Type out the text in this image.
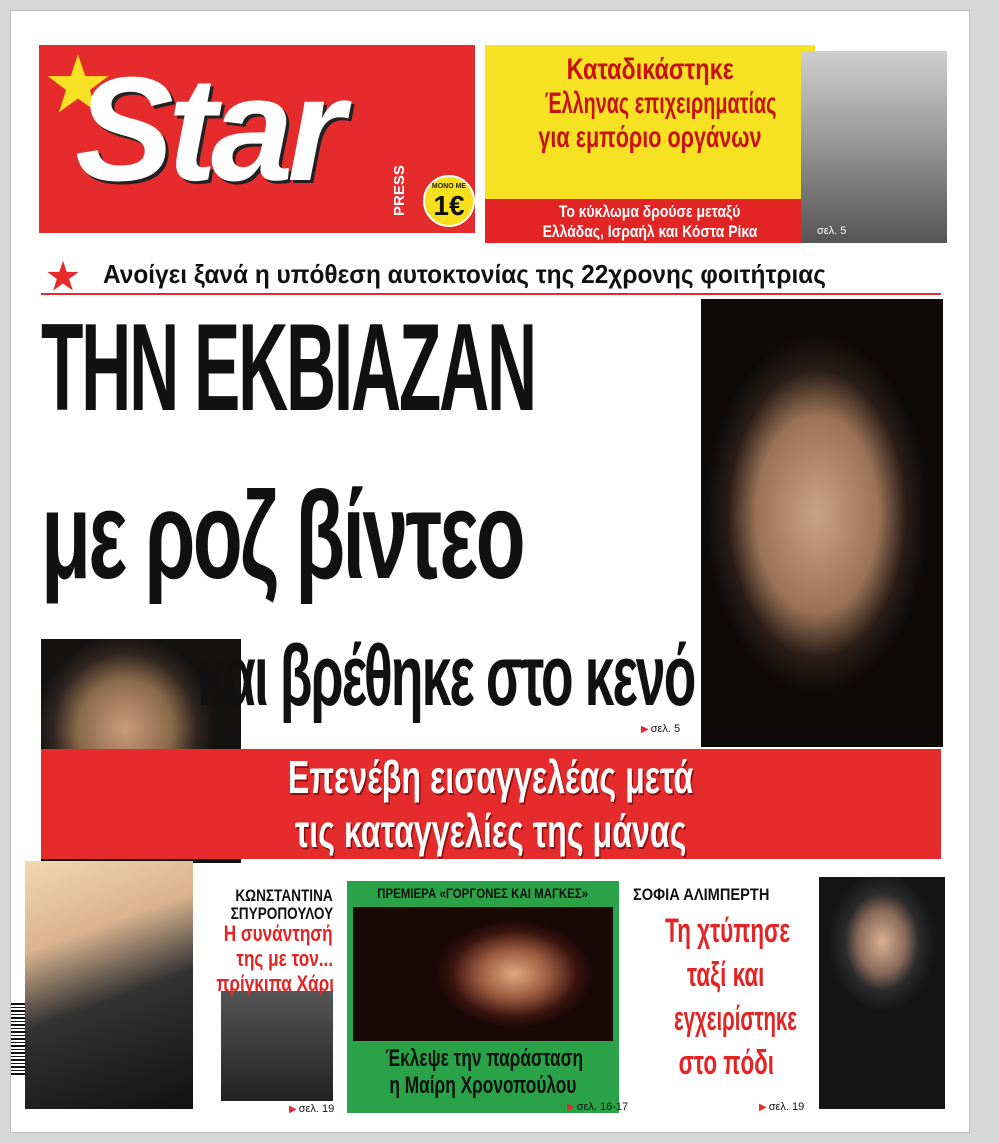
Star	PRESS
■ Τετάρτη 6 Δεκεμβρίου 2017 ■ Αρ. Φύλλου 1.012
ΜΟΝΟ ΜΕ
1€
Καταδικάστηκε
Έλληνας επιχειρηματίας
για εμπόριο οργάνων
Το κύκλωμα δρούσε μεταξύ
Ελλάδας, Ισραήλ και Κόστα Ρίκα	σελ. 5
Ανοίγει ξανά η υπόθεση αυτοκτονίας της 22χρονης φοιτήτριας
ΤΗΝ ΕΚΒΙΑΖΑΝ
με ροζ βίντεο
και βρέθηκε στο κενό
▶ σελ. 5
Επενέβη εισαγγελέας μετά
τις καταγγελίες της μάνας
ΚΩΝΣΤΑΝΤΙΝΑ
ΣΠΥΡΟΠΟΥΛΟΥ
Η συνάντησή
της με τον...
πρίγκιπα Χάρι
▶ σελ. 19
ΠΡΕΜΙΕΡΑ «ΓΟΡΓΟΝΕΣ ΚΑΙ ΜΑΓΚΕΣ»
Έκλεψε την παράσταση
η Μαίρη Χρονοπούλου
▶ σελ. 16-17
ΣΟΦΙΑ ΑΛΙΜΠΕΡΤΗ
Τη χτύπησε
ταξί και
εγχειρίστηκε
στο πόδι
▶ σελ. 19
